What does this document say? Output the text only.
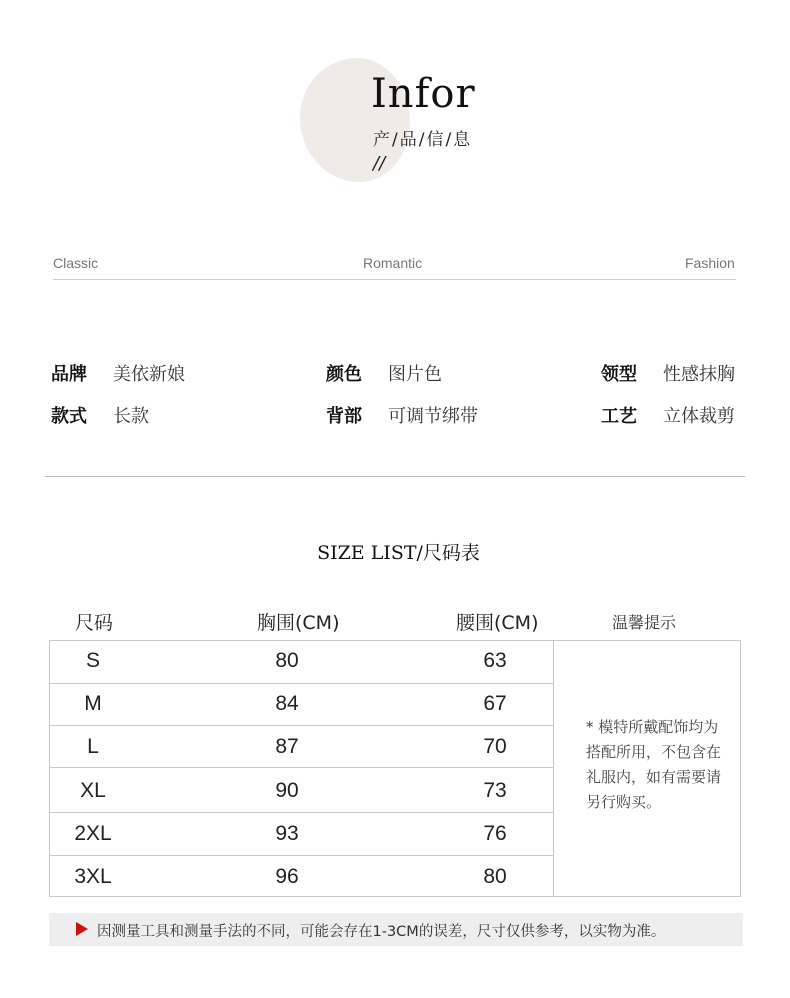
Infor
产/品/信/息
//
Classic	Romantic	Fashion
品牌 美依新娘	颜色 图片色	领型 性感抹胸
款式 长款	背部 可调节绑带	工艺 立体裁剪
SIZE LIST/尺码表
尺码	胸围(CM)	腰围(CM)	温馨提示
S	80	63
M	84	67
L	87	70
XL	90	73
2XL	93	76
3XL	96	80
* 模特所戴配饰均为搭配所用，不包含在礼服内，如有需要请另行购买。
因测量工具和测量手法的不同，可能会存在1-3CM的误差，尺寸仅供参考，以实物为准。
